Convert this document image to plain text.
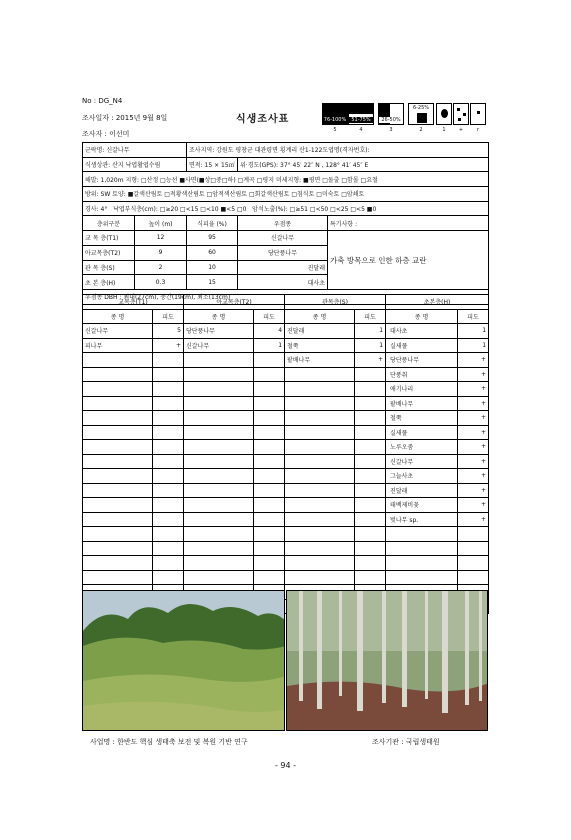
No : DG_N4
조사일자 : 2015년 9월 8일	식생조사표
조사자 : 이선미
76-100%
5
51-75%
4
26-50%
3
6-25%
2	1	+	r
군락명: 신갈나무		조사지역: 강원도 평창군 대관령면 횡계리 산1-122도엽명(격자번호):		
식생상관: 산지 낙엽활엽수림		면적: 15 × 15㎡	위·경도(GPS): 37° 45′ 22″ N , 128° 41′ 45″ E	
해발: 1,020m 지형: □산정 □능선 ■사면(■상□중□하) □계곡 □평지 미세지형: ■평면 □돌출 □함몰 □요철				
방위: SW 토양: ■갈색산림토 □적황색산림토 □암적색산림토 □회갈색산림토 □침식토 □미숙토 □암쇄토				
경사: 4° 낙엽부식층(cm): □≥20 □<15 □<10 ■<5 □0 암석노출(%): □≥51 □<50 □<25 □<5 ■0				
층위구분	높이 (m)	식피율 (%)	우점종	특기사항 :
교 목 층(T1)	12	95	신갈나무	가축 방목으로 인한 하층 교란
아교목층(T2)	9	60	당단풍나무	
관 목 층(S)	2	10	진달래	
초 본 층(H)	0.3	15	대사초	
우점종 DBH : 최대(27cm), 중간(19cm), 최소(13cm)				
교목층(T1)		아교목층(T2)		관목층(S)		초본층(H)	
종 명	피도	종 명	피도	종 명	피도	종 명	피도
신갈나무	5	당단풍나무	4	진달래	1	대사초	1
피나무	+	신갈나무	1	철쭉	1	실새풀	1
				팥배나무	+	당단풍나무	+
						단풍취	+
						애기나리	+
						팥배나무	+
						철쭉	+
						실새풀	+
						노루오줌	+
						신갈나무	+
						그늘사초	+
						진달래	+
						태백제비꽃	+
						벚나무 sp.	+

사업명 : 한반도 핵심 생태축 보전 및 복원 기반 연구	조사기관 : 국립생태원
- 94 -
